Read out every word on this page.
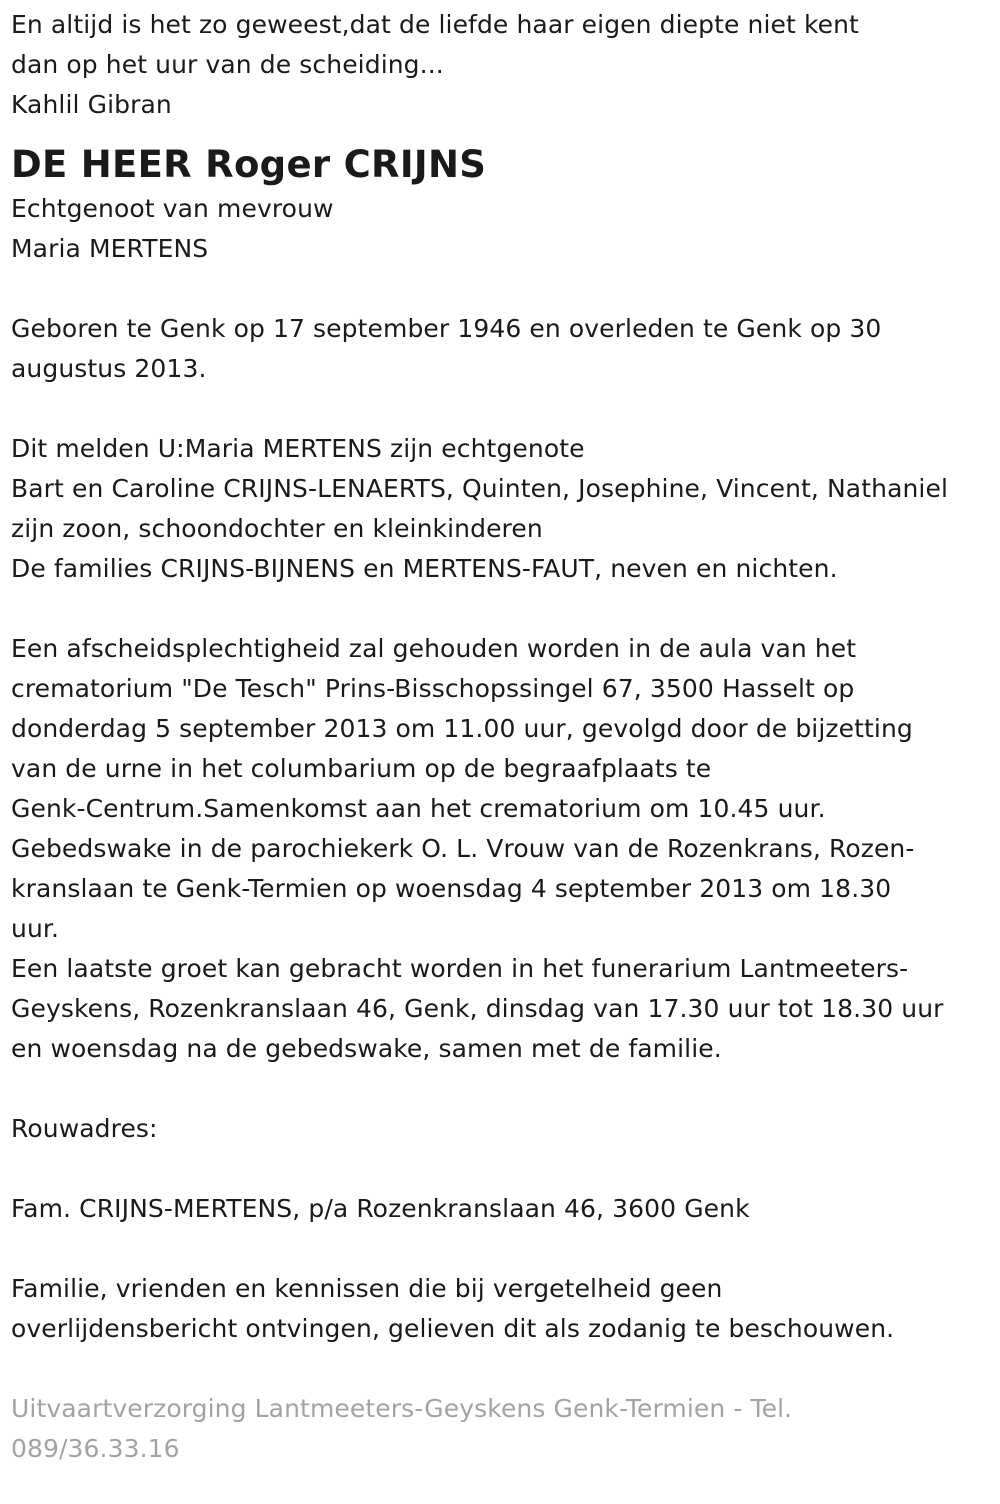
En altijd is het zo geweest,dat de liefde haar eigen diepte niet kent
dan op het uur van de scheiding...
Kahlil Gibran
DE HEER Roger CRIJNS
Echtgenoot van mevrouw
Maria MERTENS
Geboren te Genk op 17 september 1946 en overleden te Genk op 30
augustus 2013.
Dit melden U:Maria MERTENS zijn echtgenote
Bart en Caroline CRIJNS-LENAERTS, Quinten, Josephine, Vincent, Nathaniel
zijn zoon, schoondochter en kleinkinderen
De families CRIJNS-BIJNENS en MERTENS-FAUT, neven en nichten.
Een afscheidsplechtigheid zal gehouden worden in de aula van het
crematorium "De Tesch" Prins-Bisschopssingel 67, 3500 Hasselt op
donderdag 5 september 2013 om 11.00 uur, gevolgd door de bijzetting
van de urne in het columbarium op de begraafplaats te
Genk-Centrum.Samenkomst aan het crematorium om 10.45 uur.
Gebedswake in de parochiekerk O. L. Vrouw van de Rozenkrans, Rozen-
kranslaan te Genk-Termien op woensdag 4 september 2013 om 18.30
uur.
Een laatste groet kan gebracht worden in het funerarium Lantmeeters-
Geyskens, Rozenkranslaan 46, Genk, dinsdag van 17.30 uur tot 18.30 uur
en woensdag na de gebedswake, samen met de familie.
Rouwadres:
Fam. CRIJNS-MERTENS, p/a Rozenkranslaan 46, 3600 Genk
Familie, vrienden en kennissen die bij vergetelheid geen
overlijdensbericht ontvingen, gelieven dit als zodanig te beschouwen.
Uitvaartverzorging Lantmeeters-Geyskens Genk-Termien - Tel.
089/36.33.16
